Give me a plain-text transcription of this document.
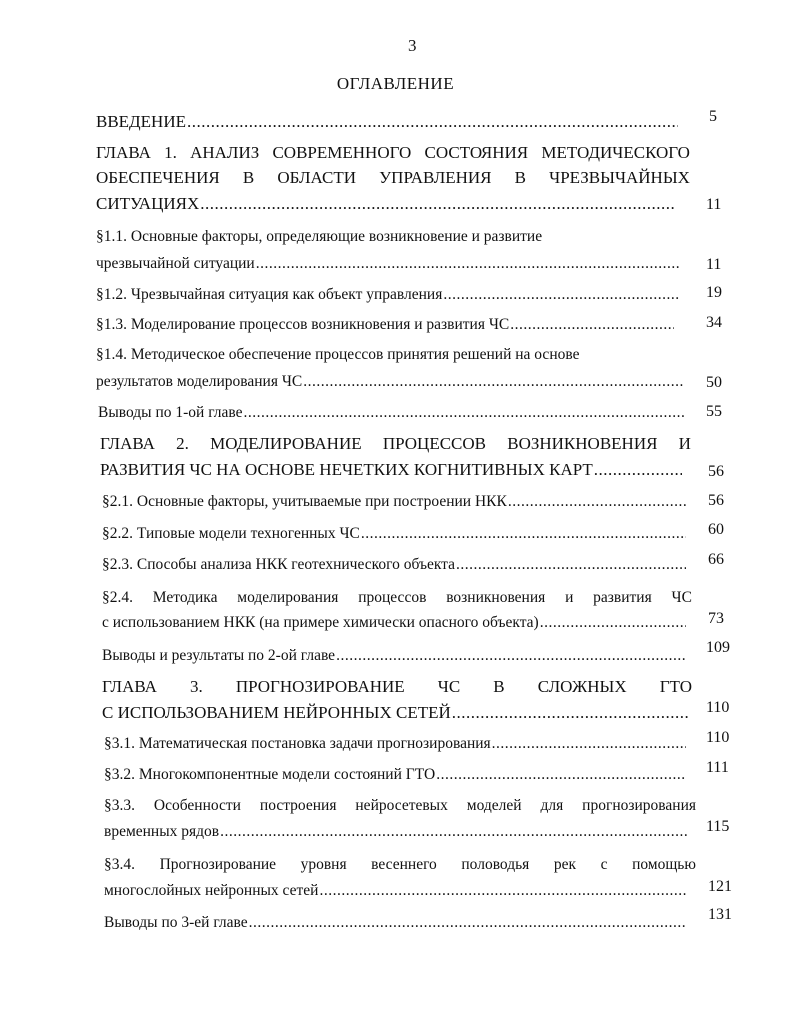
3
ОГЛАВЛЕНИЕ
ВВЕДЕНИЕ .....	5
ГЛАВА 1. АНАЛИЗ СОВРЕМЕННОГО СОСТОЯНИЯ МЕТОДИЧЕСКОГО
ОБЕСПЕЧЕНИЯ В ОБЛАСТИ УПРАВЛЕНИЯ В ЧРЕЗВЫЧАЙНЫХ
СИТУАЦИЯХ .....	11
§1.1. Основные факторы, определяющие возникновение и развитие
чрезвычайной ситуации .....	11
§1.2. Чрезвычайная ситуация как объект управления .....	19
§1.3. Моделирование процессов возникновения и развития ЧС .....	34
§1.4. Методическое обеспечение процессов принятия решений на основе
результатов моделирования ЧС .....	50
Выводы по 1-ой главе .....	55
ГЛАВА 2. МОДЕЛИРОВАНИЕ ПРОЦЕССОВ ВОЗНИКНОВЕНИЯ И
РАЗВИТИЯ ЧС НА ОСНОВЕ НЕЧЕТКИХ КОГНИТИВНЫХ КАРТ .....	56
§2.1. Основные факторы, учитываемые при построении НКК .....	56
§2.2. Типовые модели техногенных ЧС .....	60
§2.3. Способы анализа НКК геотехнического объекта .....	66
§2.4. Методика моделирования процессов возникновения и развития ЧС
с использованием НКК (на примере химически опасного объекта) .....	73
Выводы и результаты по 2-ой главе .....	109
ГЛАВА 3. ПРОГНОЗИРОВАНИЕ ЧС В СЛОЖНЫХ ГТО
С ИСПОЛЬЗОВАНИЕМ НЕЙРОННЫХ СЕТЕЙ .....	110
§3.1. Математическая постановка задачи прогнозирования .....	110
§3.2. Многокомпонентные модели состояний ГТО .....	111
§3.3. Особенности построения нейросетевых моделей для прогнозирования
временных рядов .....	115
§3.4. Прогнозирование уровня весеннего половодья рек с помощью
многослойных нейронных сетей .....	121
Выводы по 3-ей главе .....	131
